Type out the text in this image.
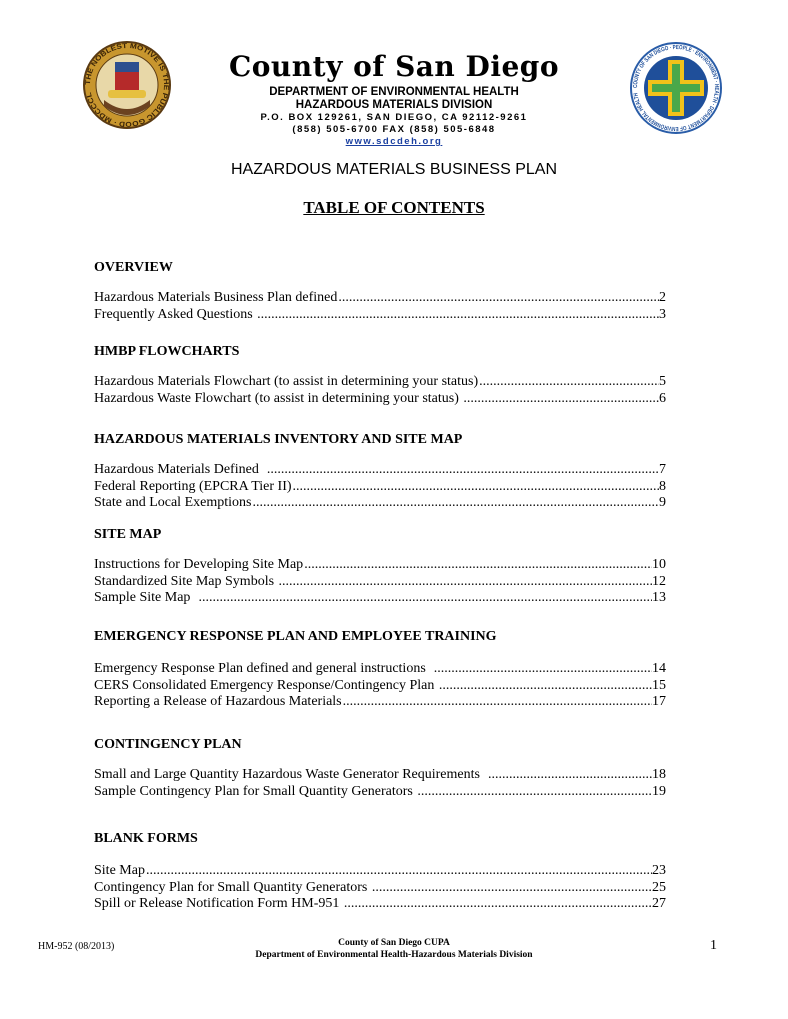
THE NOBLEST MOTIVE IS THE PUBLIC GOOD · MDCCCL
COUNTY OF SAN DIEGO · PEOPLE · ENVIRONMENT · HEALTH · DEPARTMENT OF ENVIRONMENTAL HEALTH
County of San Diego
DEPARTMENT OF ENVIRONMENTAL HEALTH
HAZARDOUS MATERIALS DIVISION
P.O. BOX 129261, SAN DIEGO, CA 92112-9261
(858) 505-6700 FAX (858) 505-6848
www.sdcdeh.org
HAZARDOUS MATERIALS BUSINESS PLAN
TABLE OF CONTENTS
OVERVIEW
Hazardous Materials Business Plan defined .....	2
Frequently Asked Questions .....	3
HMBP FLOWCHARTS
Hazardous Materials Flowchart (to assist in determining your status) .....	5
Hazardous Waste Flowchart (to assist in determining your status) .....	6
HAZARDOUS MATERIALS INVENTORY AND SITE MAP
Hazardous Materials Defined .....	7
Federal Reporting (EPCRA Tier II) .....	8
State and Local Exemptions .....	9
SITE MAP
Instructions for Developing Site Map .....	10
Standardized Site Map Symbols .....	12
Sample Site Map .....	13
EMERGENCY RESPONSE PLAN AND EMPLOYEE TRAINING
Emergency Response Plan defined and general instructions .....	14
CERS Consolidated Emergency Response/Contingency Plan .....	15
Reporting a Release of Hazardous Materials .....	17
CONTINGENCY PLAN
Small and Large Quantity Hazardous Waste Generator Requirements .....	18
Sample Contingency Plan for Small Quantity Generators .....	19
BLANK FORMS
Site Map .....	23
Contingency Plan for Small Quantity Generators .....	25
Spill or Release Notification Form HM-951 .....	27
HM-952 (08/2013)	County of San Diego CUPA
Department of Environmental Health-Hazardous Materials Division
1
